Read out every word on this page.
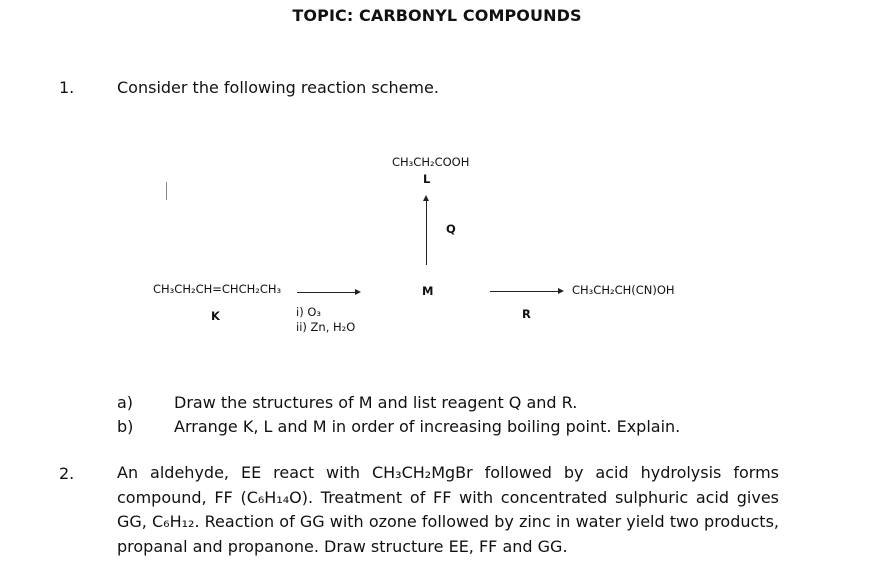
TOPIC: CARBONYL COMPOUNDS
1.	Consider the following reaction scheme.
CH₃CH₂COOH
L
Q
CH₃CH₂CH=CHCH₂CH₃
K	i) O₃
ii) Zn, H₂O
M
R
CH₃CH₂CH(CN)OH
a)	Draw the structures of M and list reagent Q and R.
b)	Arrange K, L and M in order of increasing boiling point. Explain.
2.	An aldehyde, EE react with CH₃CH₂MgBr followed by acid hydrolysis forms compound, FF (C₆H₁₄O). Treatment of FF with concentrated sulphuric acid gives GG, C₆H₁₂. Reaction of GG with ozone followed by zinc in water yield two products, propanal and propanone. Draw structure EE, FF and GG.
